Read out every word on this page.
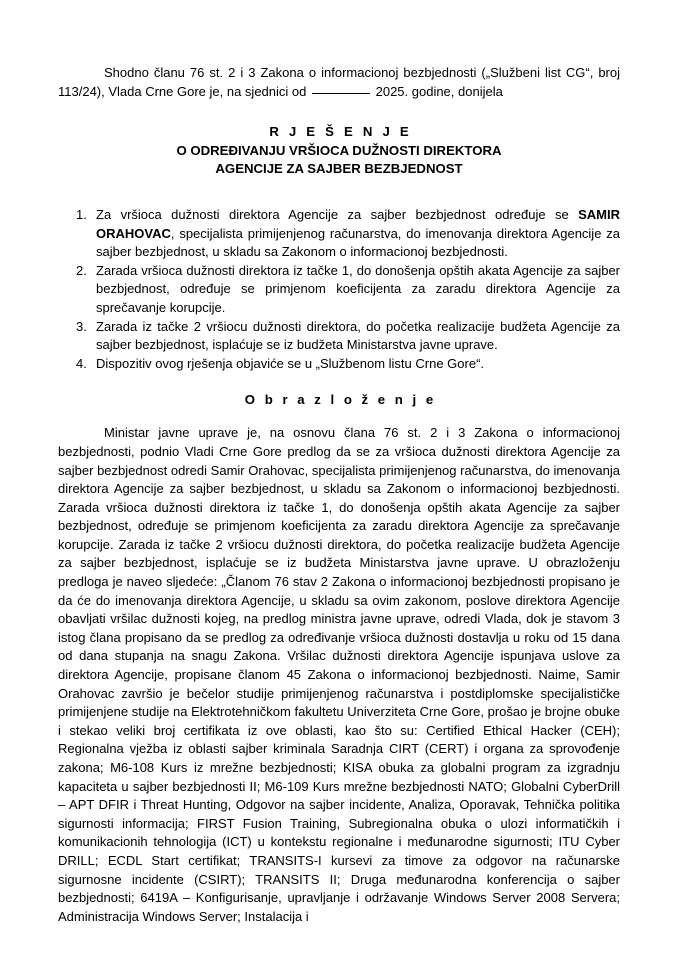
Shodno članu 76 st. 2 i 3 Zakona o informacionoj bezbjednosti („Službeni list CG“, broj 113/24), Vlada Crne Gore je, na sjednici od	2025. godine, donijela

R J E Š E N J E
O ODREĐIVANJU VRŠIOCA DUŽNOSTI DIREKTORA
AGENCIJE ZA SAJBER BEZBJEDNOST
Za vršioca dužnosti direktora Agencije za sajber bezbjednost određuje se SAMIR ORAHOVAC, specijalista primijenjenog računarstva, do imenovanja direktora Agencije za sajber bezbjednost, u skladu sa Zakonom o informacionoj bezbjednosti.
Zarada vršioca dužnosti direktora iz tačke 1, do donošenja opštih akata Agencije za sajber bezbjednost, određuje se primjenom koeficijenta za zaradu direktora Agencije za sprečavanje korupcije.
Zarada iz tačke 2 vršiocu dužnosti direktora, do početka realizacije budžeta Agencije za sajber bezbjednost, isplaćuje se iz budžeta Ministarstva javne uprave.
Dispozitiv ovog rješenja objaviće se u „Službenom listu Crne Gore“.
O b r a z l o ž e n j e

Ministar javne uprave je, na osnovu člana 76 st. 2 i 3 Zakona o informacionoj bezbjednosti, podnio Vladi Crne Gore predlog da se za vršioca dužnosti direktora Agencije za sajber bezbjednost odredi Samir Orahovac, specijalista primijenjenog računarstva, do imenovanja direktora Agencije za sajber bezbjednost, u skladu sa Zakonom o informacionoj bezbjednosti. Zarada vršioca dužnosti direktora iz tačke 1, do donošenja opštih akata Agencije za sajber bezbjednost, određuje se primjenom koeficijenta za zaradu direktora Agencije za sprečavanje korupcije. Zarada iz tačke 2 vršiocu dužnosti direktora, do početka realizacije budžeta Agencije za sajber bezbjednost, isplaćuje se iz budžeta Ministarstva javne uprave. U obrazloženju predloga je naveo sljedeće: „Članom 76 stav 2 Zakona o informacionoj bezbjednosti propisano je da će do imenovanja direktora Agencije, u skladu sa ovim zakonom, poslove direktora Agencije obavljati vršilac dužnosti kojeg, na predlog ministra javne uprave, odredi Vlada, dok je stavom 3 istog člana propisano da se predlog za određivanje vršioca dužnosti dostavlja u roku od 15 dana od dana stupanja na snagu Zakona. Vršilac dužnosti direktora Agencije ispunjava uslove za direktora Agencije, propisane članom 45 Zakona o informacionoj bezbjednosti. Naime, Samir Orahovac završio je bečelor studije primijenjenog računarstva i postdiplomske specijalističke primijenjene studije na Elektrotehničkom fakultetu Univerziteta Crne Gore, prošao je brojne obuke i stekao veliki broj certifikata iz ove oblasti, kao što su: Certified Ethical Hacker (CEH); Regionalna vježba iz oblasti sajber kriminala Saradnja CIRT (CERT) i organa za sprovođenje zakona; M6-108 Kurs iz mrežne bezbjednosti; KISA obuka za globalni program za izgradnju kapaciteta u sajber bezbjednosti II; M6-109 Kurs mrežne bezbjednosti NATO; Globalni CyberDrill – APT DFIR i Threat Hunting, Odgovor na sajber incidente, Analiza, Oporavak, Tehnička politika sigurnosti informacija; FIRST Fusion Training, Subregionalna obuka o ulozi informatičkih i komunikacionih tehnologija (ICT) u kontekstu regionalne i međunarodne sigurnosti; ITU Cyber DRILL; ECDL Start certifikat; TRANSITS-I kursevi za timove za odgovor na računarske sigurnosne incidente (CSIRT); TRANSITS II; Druga međunarodna konferencija o sajber bezbjednosti; 6419A – Konfigurisanje, upravljanje i održavanje Windows Server 2008 Servera; Administracija Windows Server; Instalacija i
